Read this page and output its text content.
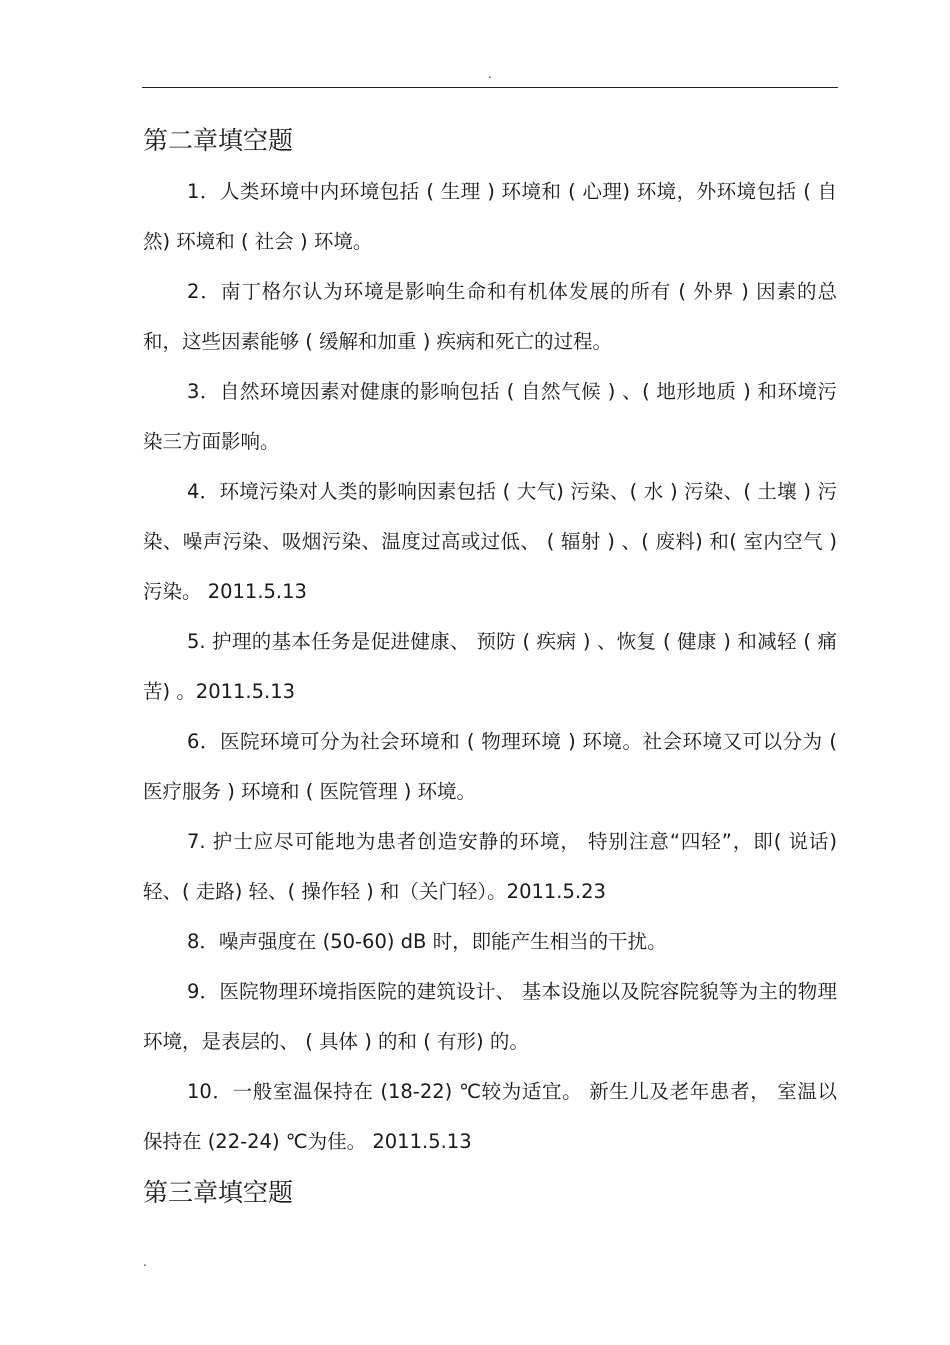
.
第二章填空题

1．人类环境中内环境包括 ( 生理 ) 环境和 ( 心理) 环境，外环境包括 ( 自然) 环境和 ( 社会 ) 环境。

2．南丁格尔认为环境是影响生命和有机体发展的所有 ( 外界 ) 因素的总和，这些因素能够 ( 缓解和加重 ) 疾病和死亡的过程。

3．自然环境因素对健康的影响包括 ( 自然气候 ) 、( 地形地质 ) 和环境污染三方面影响。

4．环境污染对人类的影响因素包括 ( 大气) 污染、( 水 ) 污染、( 土壤 ) 污染、噪声污染、吸烟污染、温度过高或过低、 ( 辐射 ) 、( 废料) 和( 室内空气 ) 污染。 2011.5.13

5. 护理的基本任务是促进健康、 预防 ( 疾病 ) 、恢复 ( 健康 ) 和减轻 ( 痛苦) 。2011.5.13

6．医院环境可分为社会环境和 ( 物理环境 ) 环境。社会环境又可以分为 ( 医疗服务 ) 环境和 ( 医院管理 ) 环境。

7. 护士应尽可能地为患者创造安静的环境， 特别注意“四轻”，即( 说话) 轻、( 走路) 轻、( 操作轻 ) 和（关门轻）。2011.5.23

8．噪声强度在 (50-60) dB 时，即能产生相当的干扰。

9．医院物理环境指医院的建筑设计、 基本设施以及院容院貌等为主的物理环境，是表层的、 ( 具体 ) 的和 ( 有形) 的。

10．一般室温保持在 (18-22) ℃较为适宜。 新生儿及老年患者， 室温以保持在 (22-24) ℃为佳。 2011.5.13

第三章填空题
.
